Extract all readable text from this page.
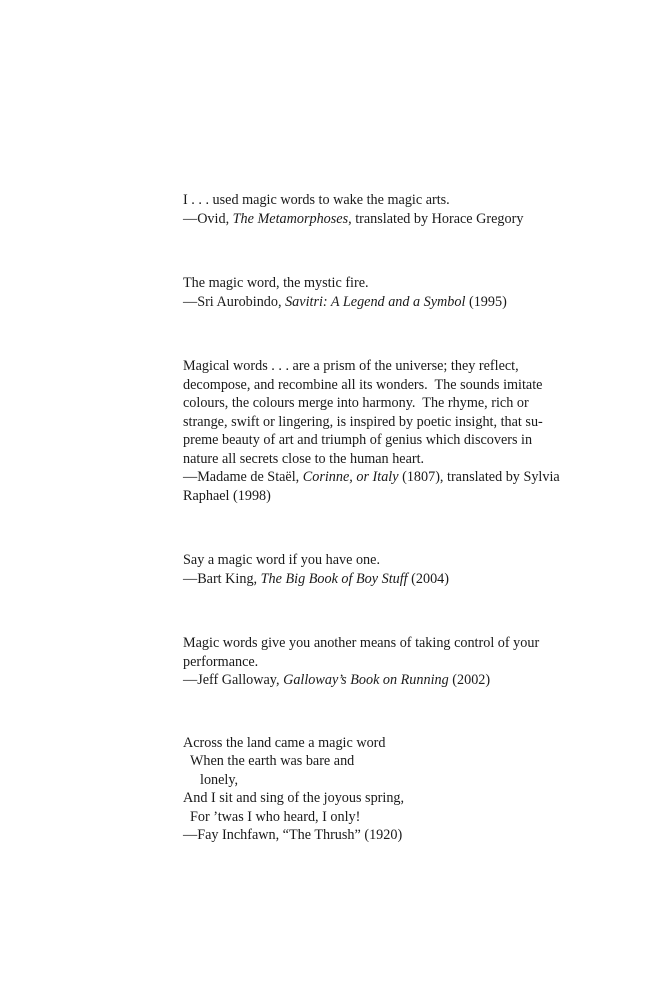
I . . . used magic words to wake the magic arts.
—Ovid, The Metamorphoses, translated by Horace Gregory
The magic word, the mystic fire.
—Sri Aurobindo, Savitri: A Legend and a Symbol (1995)
Magical words . . . are a prism of the universe; they reflect,
decompose, and recombine all its wonders.  The sounds imitate
colours, the colours merge into harmony.  The rhyme, rich or
strange, swift or lingering, is inspired by poetic insight, that su-
preme beauty of art and triumph of genius which discovers in
nature all secrets close to the human heart.
—Madame de Staël, Corinne, or Italy (1807), translated by Sylvia
Raphael (1998)
Say a magic word if you have one.
—Bart King, The Big Book of Boy Stuff (2004)
Magic words give you another means of taking control of your
performance.
—Jeff Galloway, Galloway’s Book on Running (2002)
Across the land came a magic word
When the earth was bare and
lonely,
And I sit and sing of the joyous spring,
For ’twas I who heard, I only!
—Fay Inchfawn, “The Thrush” (1920)
